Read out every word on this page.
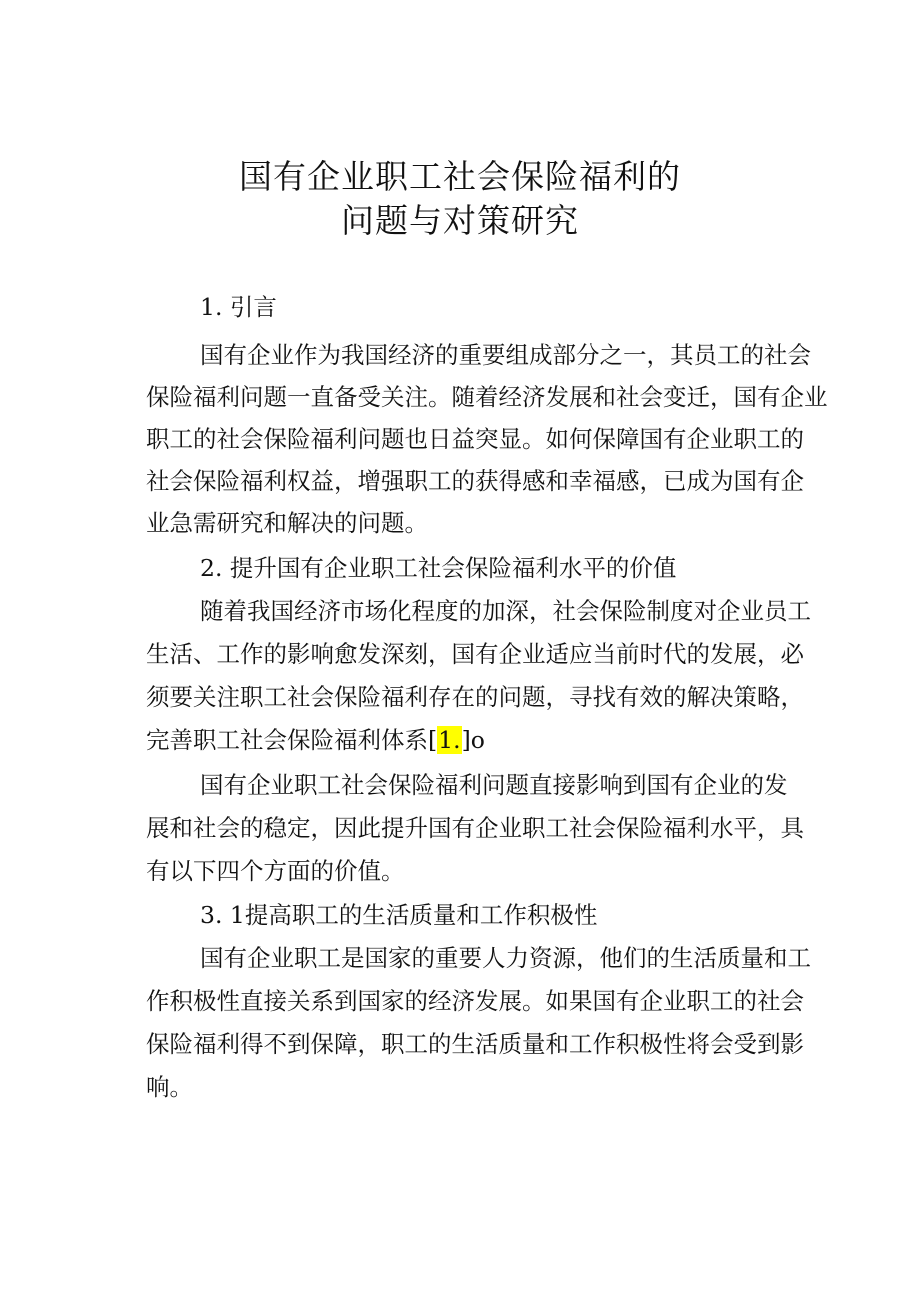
国有企业职工社会保险福利的
问题与对策研究
1. 引言
国有企业作为我国经济的重要组成部分之一，其员工的社会
保险福利问题一直备受关注。随着经济发展和社会变迁，国有企业
职工的社会保险福利问题也日益突显。如何保障国有企业职工的
社会保险福利权益，增强职工的获得感和幸福感，已成为国有企
业急需研究和解决的问题。
2. 提升国有企业职工社会保险福利水平的价值
随着我国经济市场化程度的加深，社会保险制度对企业员工
生活、工作的影响愈发深刻，国有企业适应当前时代的发展，必
须要关注职工社会保险福利存在的问题，寻找有效的解决策略，
完善职工社会保险福利体系[1.]o
国有企业职工社会保险福利问题直接影响到国有企业的发
展和社会的稳定，因此提升国有企业职工社会保险福利水平，具
有以下四个方面的价值。
3. 1提高职工的生活质量和工作积极性
国有企业职工是国家的重要人力资源，他们的生活质量和工
作积极性直接关系到国家的经济发展。如果国有企业职工的社会
保险福利得不到保障，职工的生活质量和工作积极性将会受到影
响。
